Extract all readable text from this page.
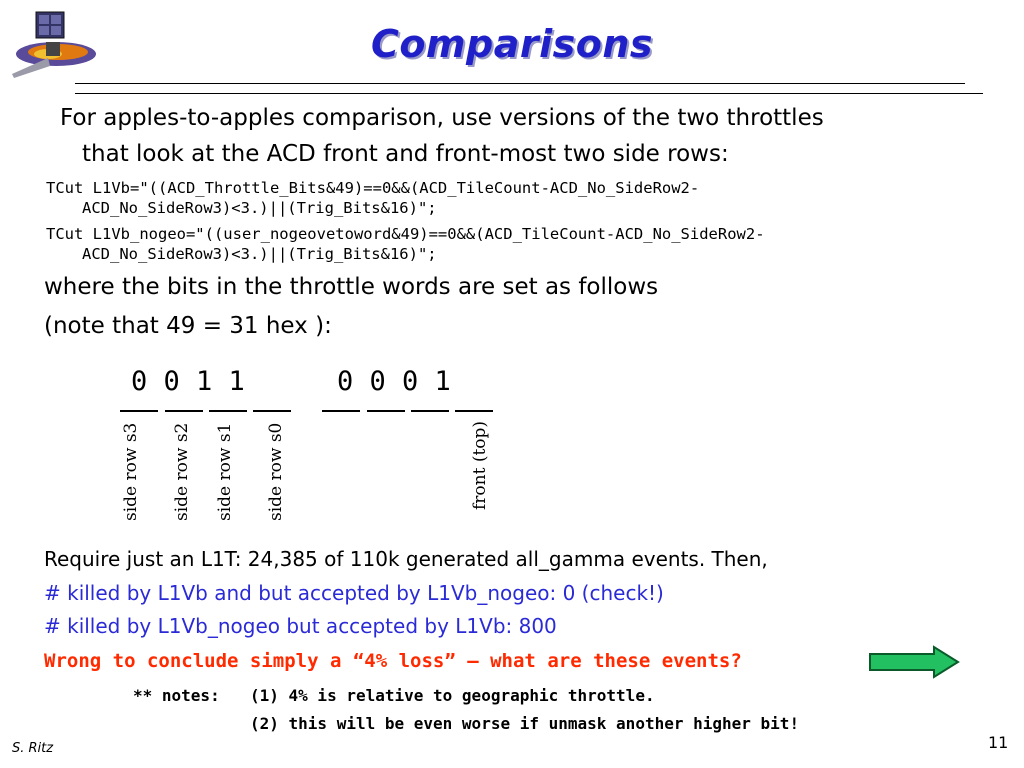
Comparisons
For apples-to-apples comparison, use versions of the two throttles
that look at the ACD front and front-most two side rows:
TCut L1Vb="((ACD_Throttle_Bits&49)==0&&(ACD_TileCount-ACD_No_SideRow2-
ACD_No_SideRow3)<3.)||(Trig_Bits&16)";
TCut L1Vb_nogeo="((user_nogeovetoword&49)==0&&(ACD_TileCount-ACD_No_SideRow2-
ACD_No_SideRow3)<3.)||(Trig_Bits&16)";
where the bits in the throttle words are set as follows
(note that 49 = 31 hex ):
0 0 1 1	0 0 0 1
side row s3 side row s2 side row s1 side row s0	front (top)
Require just an L1T: 24,385 of 110k generated all_gamma events. Then,
# killed by L1Vb and but accepted by L1Vb_nogeo: 0 (check!)
# killed by L1Vb_nogeo but accepted by L1Vb: 800
Wrong to conclude simply a “4% loss” – what are these events?
** notes: (1) 4% is relative to geographic throttle.
(2) this will be even worse if unmask another higher bit!
S. Ritz	11
